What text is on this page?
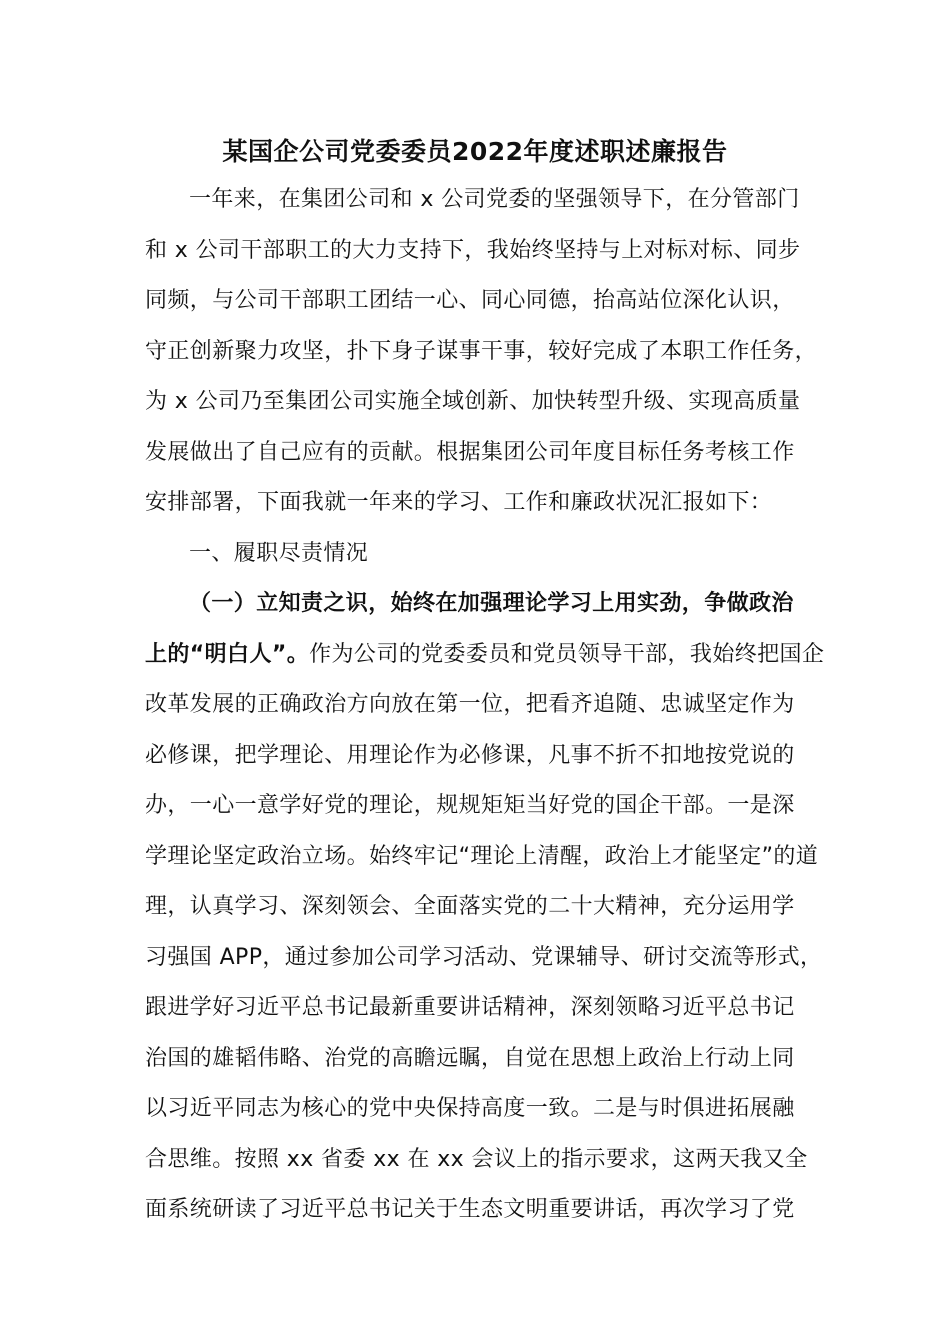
某国企公司党委委员2022年度述职述廉报告
一年来，在集团公司和 x 公司党委的坚强领导下，在分管部门
和 x 公司干部职工的大力支持下，我始终坚持与上对标对标、同步
同频，与公司干部职工团结一心、同心同德，抬高站位深化认识，
守正创新聚力攻坚，扑下身子谋事干事，较好完成了本职工作任务，
为 x 公司乃至集团公司实施全域创新、加快转型升级、实现高质量
发展做出了自己应有的贡献。根据集团公司年度目标任务考核工作
安排部署，下面我就一年来的学习、工作和廉政状况汇报如下：
一、履职尽责情况
（一）立知责之识，始终在加强理论学习上用实劲，争做政治
上的“明白人”。作为公司的党委委员和党员领导干部，我始终把国企
改革发展的正确政治方向放在第一位，把看齐追随、忠诚坚定作为
必修课，把学理论、用理论作为必修课，凡事不折不扣地按党说的
办，一心一意学好党的理论，规规矩矩当好党的国企干部。一是深
学理论坚定政治立场。始终牢记“理论上清醒，政治上才能坚定”的道
理，认真学习、深刻领会、全面落实党的二十大精神，充分运用学
习强国 APP，通过参加公司学习活动、党课辅导、研讨交流等形式，
跟进学好习近平总书记最新重要讲话精神，深刻领略习近平总书记
治国的雄韬伟略、治党的高瞻远瞩，自觉在思想上政治上行动上同
以习近平同志为核心的党中央保持高度一致。二是与时俱进拓展融
合思维。按照 xx 省委 xx 在 xx 会议上的指示要求，这两天我又全
面系统研读了习近平总书记关于生态文明重要讲话，再次学习了党
